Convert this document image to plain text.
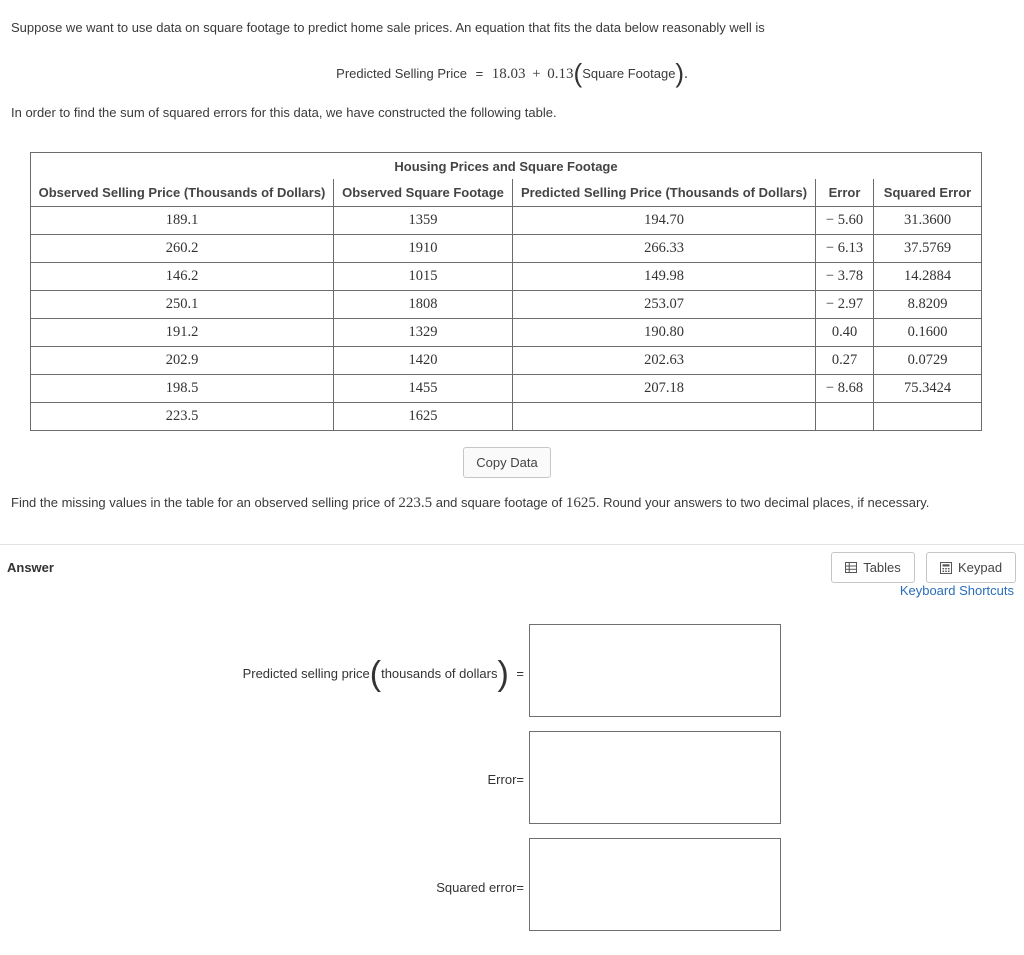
Suppose we want to use data on square footage to predict home sale prices. An equation that fits the data below reasonably well is

Predicted Selling Price = 18.03 + 0.13(Square Footage).

In order to find the sum of squared errors for this data, we have constructed the following table.

Housing Prices and Square Footage				
Observed Selling Price (Thousands of Dollars)	Observed Square Footage	Predicted Selling Price (Thousands of Dollars)	Error	Squared Error
189.1	1359	194.70	− 5.60	31.3600
260.2	1910	266.33	− 6.13	37.5769
146.2	1015	149.98	− 3.78	14.2884
250.1	1808	253.07	− 2.97	8.8209
191.2	1329	190.80	0.40	0.1600
202.9	1420	202.63	0.27	0.0729
198.5	1455	207.18	− 8.68	75.3424
223.5	1625			
Copy Data

Find the missing values in the table for an observed selling price of 223.5 and square footage of 1625. Round your answers to two decimal places, if necessary.

Answer	Tables	Keypad
Keyboard Shortcuts
Predicted selling price(thousands of dollars) =
Error=
Squared error=
